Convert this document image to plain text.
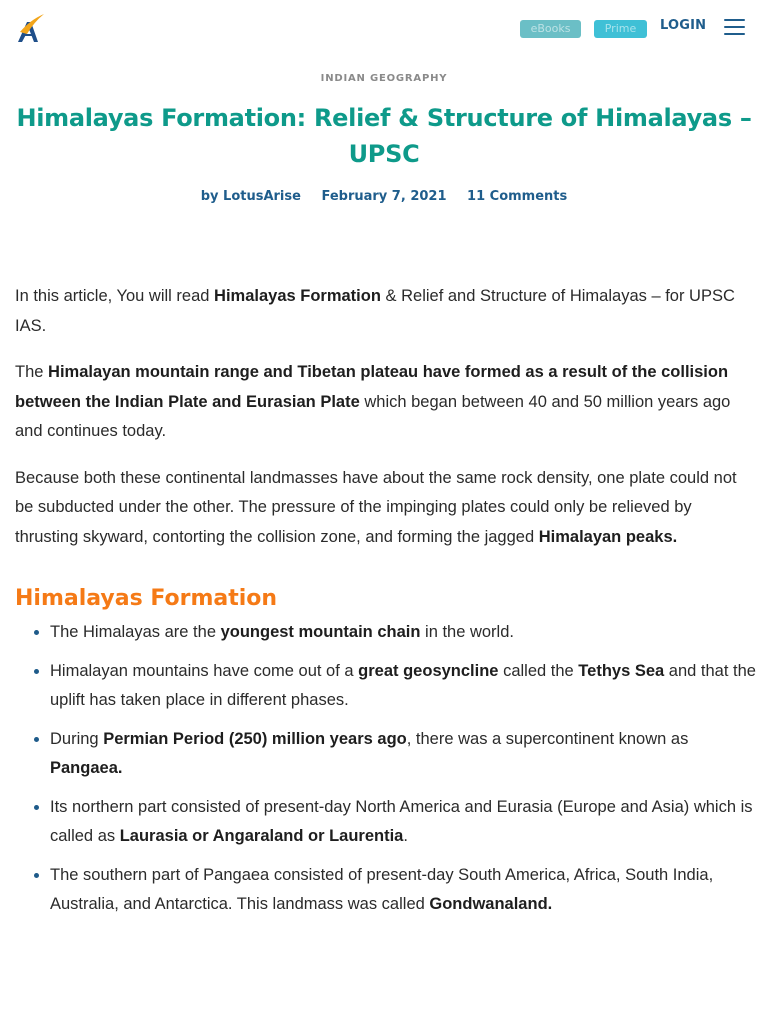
eBooks	Prime	LOGIN
INDIAN GEOGRAPHY
Himalayas Formation: Relief & Structure of Himalayas – UPSC
by LotusArise February 7, 2021 11 Comments

In this article, You will read Himalayas Formation & Relief and Structure of Himalayas – for UPSC IAS.

The Himalayan mountain range and Tibetan plateau have formed as a result of the collision between the Indian Plate and Eurasian Plate which began between 40 and 50 million years ago and continues today.

Because both these continental landmasses have about the same rock density, one plate could not be subducted under the other. The pressure of the impinging plates could only be relieved by thrusting skyward, contorting the collision zone, and forming the jagged Himalayan peaks.

Himalayas Formation
• The Himalayas are the youngest mountain chain in the world.
• Himalayan mountains have come out of a great geosyncline called the Tethys Sea and that the uplift has taken place in different phases.
• During Permian Period (250) million years ago, there was a supercontinent known as Pangaea.
• Its northern part consisted of present-day North America and Eurasia (Europe and Asia) which is called as Laurasia or Angaraland or Laurentia.
• The southern part of Pangaea consisted of present-day South America, Africa, South India, Australia, and Antarctica. This landmass was called Gondwanaland.
